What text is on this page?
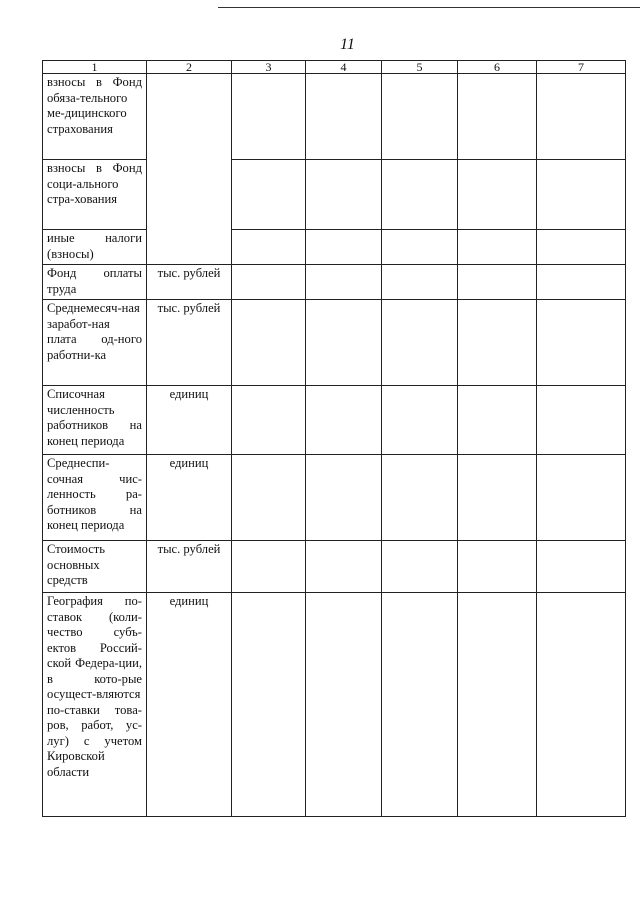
11
1	2	3	4	5	6	7
взносы в Фонд обяза-тельного ме-дицинского страхования						
взносы в Фонд соци-ального стра-хования						
иные налоги (взносы)						
Фонд оплаты труда	тыс. рублей					
Среднемесяч-ная заработ-ная плата од-ного работни-ка	тыс. рублей					
Списочная численность работников на конец периода	единиц					
Среднеспи-сочная чис-ленность ра-ботников на конец периода	единиц					
Стоимость основных средств	тыс. рублей					
География по-ставок (коли-чество субъ-ектов Россий-ской Федера-ции, в кото-рые осущест-вляются по-ставки това-ров, работ, ус-луг) с учетом Кировской области	единиц					
